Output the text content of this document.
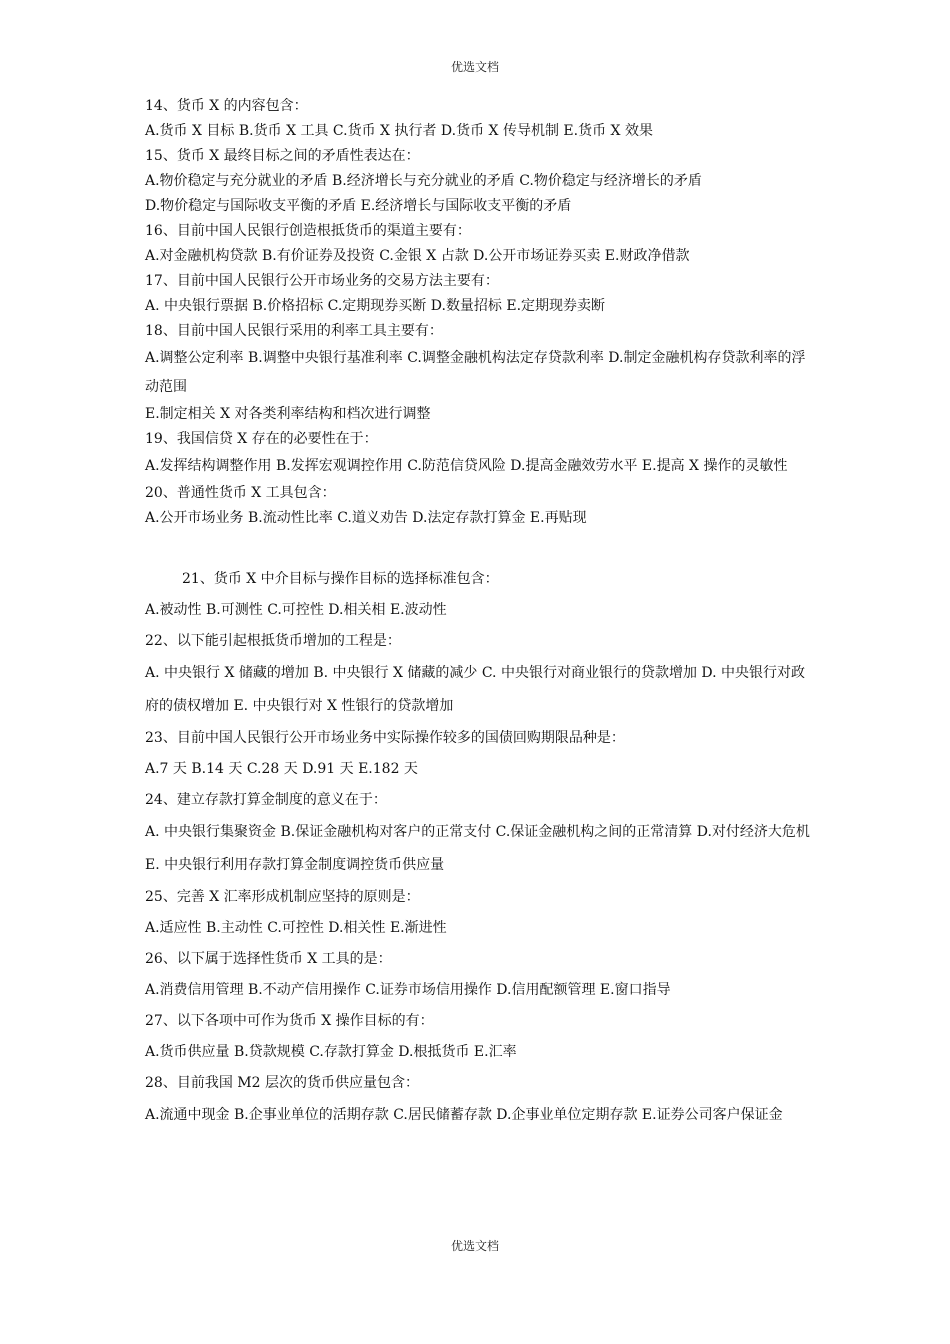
优选文档

14、货币 X 的内容包含：

A.货币 X 目标 B.货币 X 工具 C.货币 X 执行者 D.货币 X 传导机制 E.货币 X 效果

15、货币 X 最终目标之间的矛盾性表达在：

A.物价稳定与充分就业的矛盾 B.经济增长与充分就业的矛盾 C.物价稳定与经济增长的矛盾

D.物价稳定与国际收支平衡的矛盾 E.经济增长与国际收支平衡的矛盾

16、目前中国人民银行创造根抵货币的渠道主要有：

A.对金融机构贷款 B.有价证券及投资 C.金银 X 占款 D.公开市场证券买卖 E.财政净借款

17、目前中国人民银行公开市场业务的交易方法主要有：

A. 中央银行票据 B.价格招标 C.定期现券买断 D.数量招标 E.定期现券卖断

18、目前中国人民银行采用的利率工具主要有：

A.调整公定利率 B.调整中央银行基准利率 C.调整金融机构法定存贷款利率 D.制定金融机构存贷款利率的浮动范围

E.制定相关 X 对各类利率结构和档次进行调整

19、我国信贷 X 存在的必要性在于：

A.发挥结构调整作用 B.发挥宏观调控作用 C.防范信贷风险 D.提高金融效劳水平 E.提高 X 操作的灵敏性

20、普通性货币 X 工具包含：

A.公开市场业务 B.流动性比率 C.道义劝告 D.法定存款打算金 E.再贴现

21、货币 X 中介目标与操作目标的选择标准包含：

A.被动性 B.可测性 C.可控性 D.相关相 E.波动性

22、以下能引起根抵货币增加的工程是：

A. 中央银行 X 储藏的增加 B. 中央银行 X 储藏的减少 C. 中央银行对商业银行的贷款增加 D. 中央银行对政府的债权增加 E. 中央银行对 X 性银行的贷款增加

23、目前中国人民银行公开市场业务中实际操作较多的国债回购期限品种是：

A.7 天 B.14 天 C.28 天 D.91 天 E.182 天

24、建立存款打算金制度的意义在于：

A. 中央银行集聚资金 B.保证金融机构对客户的正常支付 C.保证金融机构之间的正常清算 D.对付经济大危机 E. 中央银行利用存款打算金制度调控货币供应量

25、完善 X 汇率形成机制应坚持的原则是：

A.适应性 B.主动性 C.可控性 D.相关性 E.渐进性

26、以下属于选择性货币 X 工具的是：

A.消费信用管理 B.不动产信用操作 C.证券市场信用操作 D.信用配额管理 E.窗口指导

27、以下各项中可作为货币 X 操作目标的有：

A.货币供应量 B.贷款规模 C.存款打算金 D.根抵货币 E.汇率

28、目前我国 M2 层次的货币供应量包含：

A.流通中现金 B.企事业单位的活期存款 C.居民储蓄存款 D.企事业单位定期存款 E.证券公司客户保证金

优选文档
